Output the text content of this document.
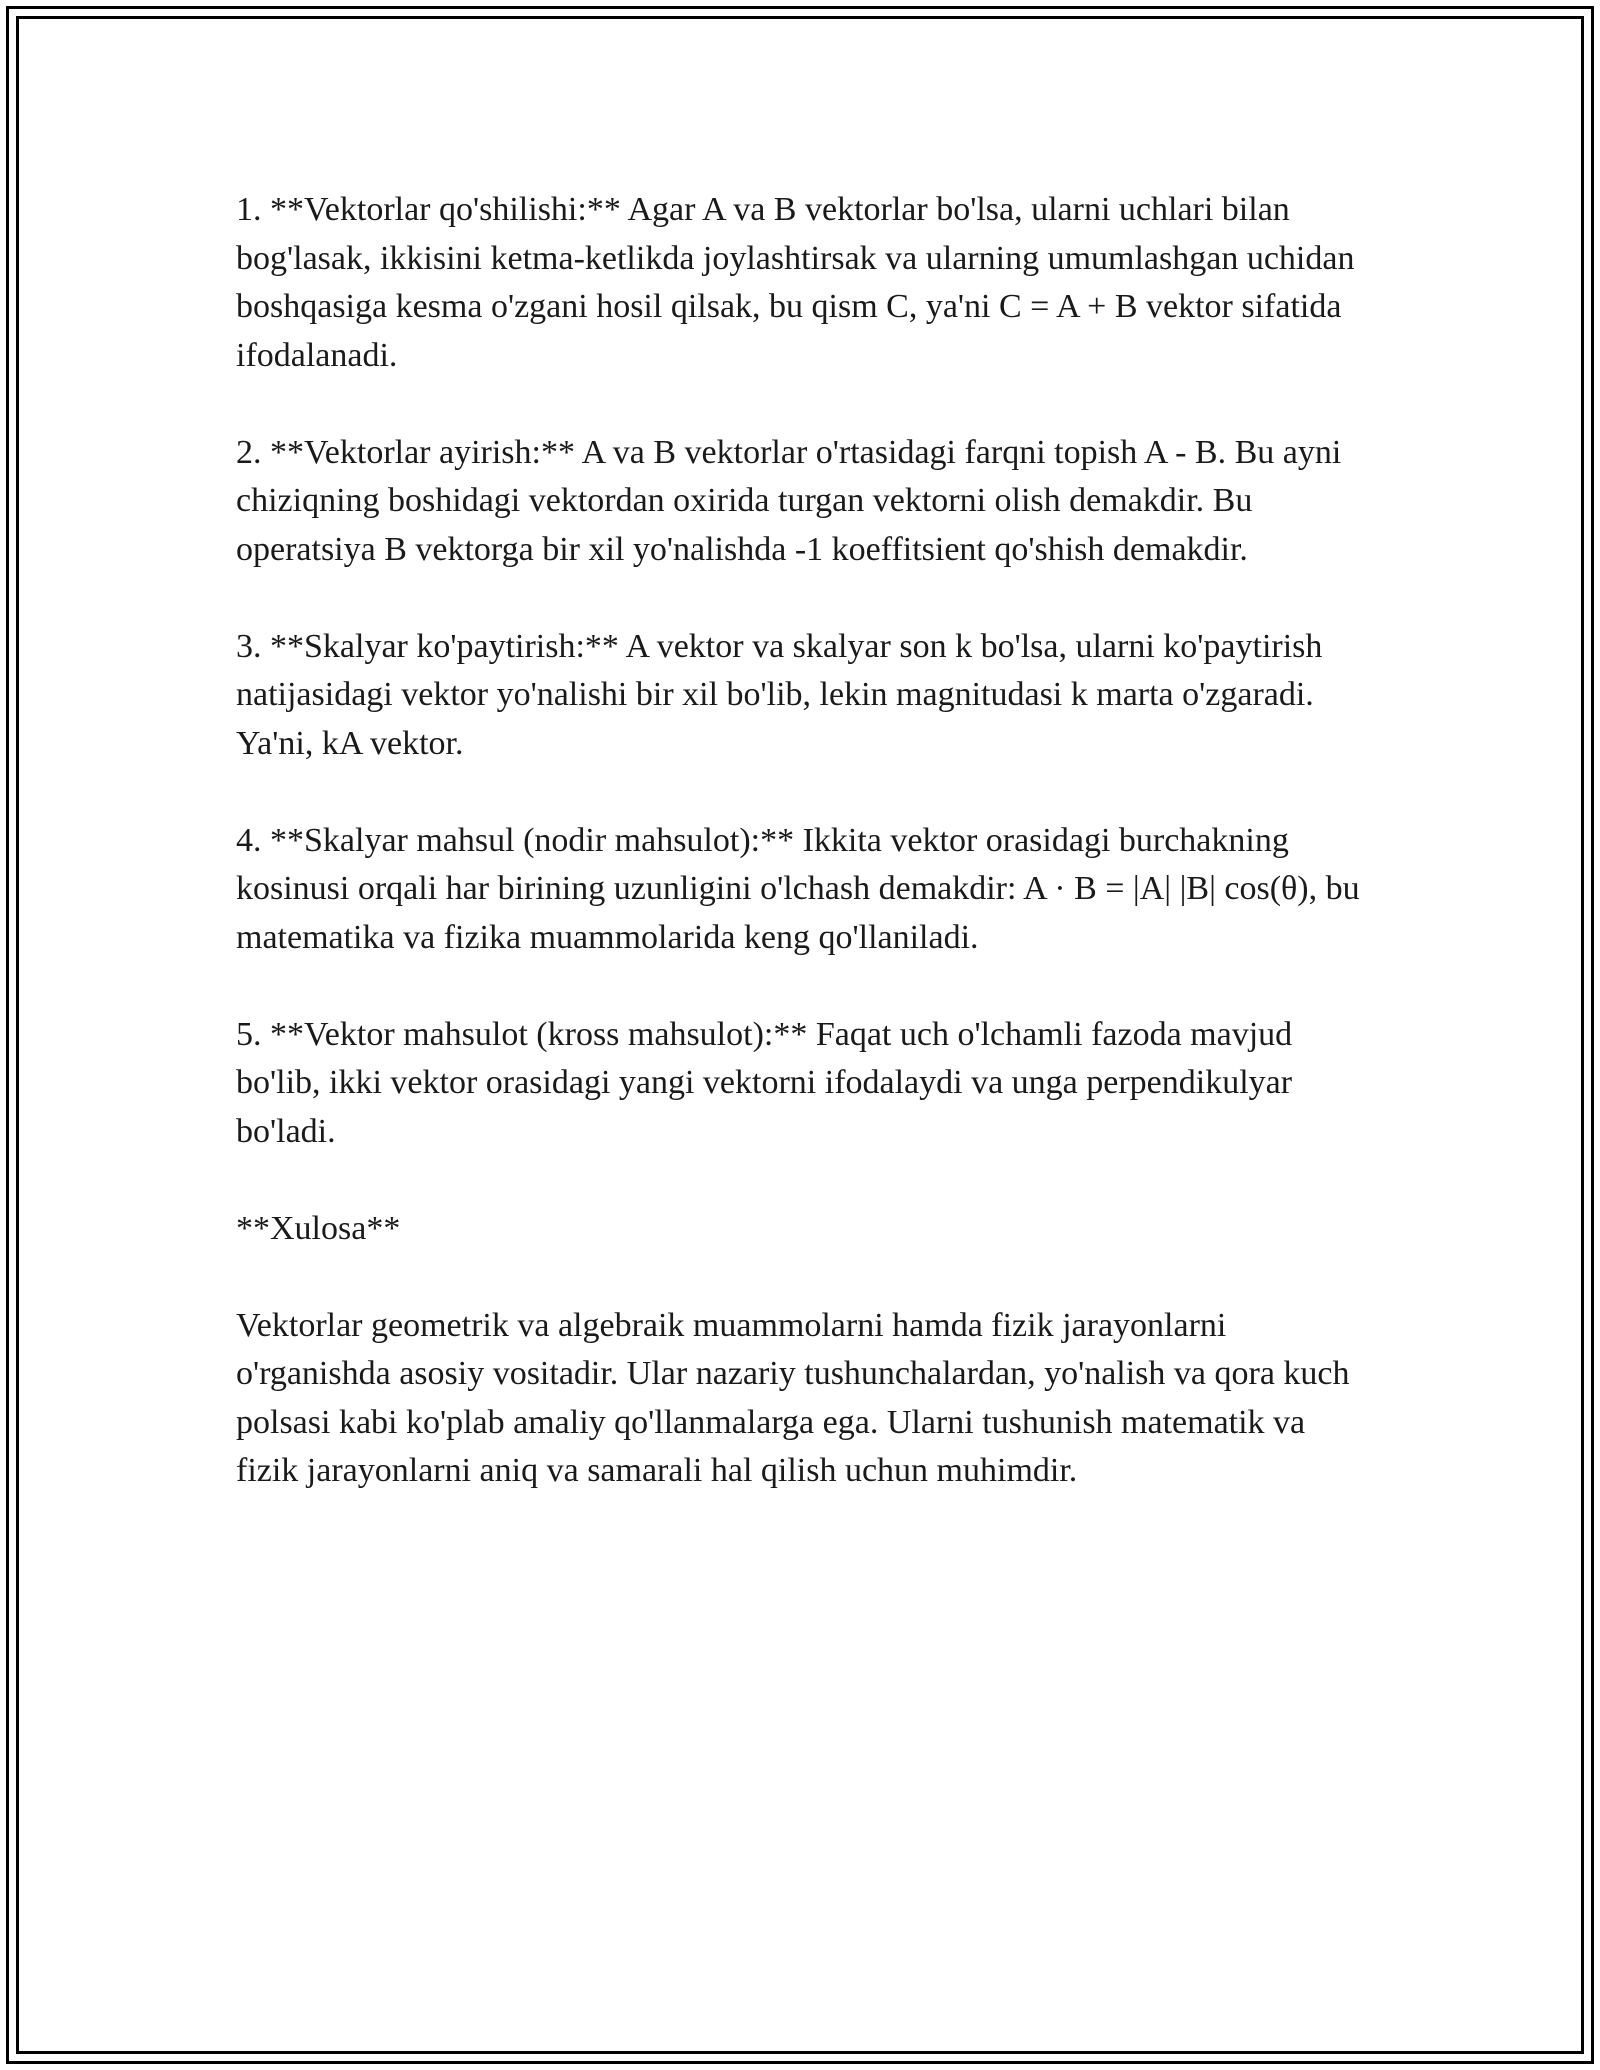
1. **Vektorlar qo'shilishi:** Agar A va B vektorlar bo'lsa, ularni uchlari bilan bog'lasak, ikkisini ketma-ketlikda joylashtirsak va ularning umumlashgan uchidan boshqasiga kesma o'zgani hosil qilsak, bu qism C, ya'ni C = A + B vektor sifatida ifodalanadi.

2. **Vektorlar ayirish:** A va B vektorlar o'rtasidagi farqni topish A - B. Bu ayni chiziqning boshidagi vektordan oxirida turgan vektorni olish demakdir. Bu operatsiya B vektorga bir xil yo'nalishda -1 koeffitsient qo'shish demakdir.

3. **Skalyar ko'paytirish:** A vektor va skalyar son k bo'lsa, ularni ko'paytirish natijasidagi vektor yo'nalishi bir xil bo'lib, lekin magnitudasi k marta o'zgaradi. Ya'ni, kA vektor.

4. **Skalyar mahsul (nodir mahsulot):** Ikkita vektor orasidagi burchakning kosinusi orqali har birining uzunligini o'lchash demakdir: A · B = |A| |B| cos(θ), bu matematika va fizika muammolarida keng qo'llaniladi.

5. **Vektor mahsulot (kross mahsulot):** Faqat uch o'lchamli fazoda mavjud bo'lib, ikki vektor orasidagi yangi vektorni ifodalaydi va unga perpendikulyar bo'ladi.

**Xulosa**

Vektorlar geometrik va algebraik muammolarni hamda fizik jarayonlarni o'rganishda asosiy vositadir. Ular nazariy tushunchalardan, yo'nalish va qora kuch polsasi kabi ko'plab amaliy qo'llanmalarga ega. Ularni tushunish matematik va fizik jarayonlarni aniq va samarali hal qilish uchun muhimdir.
